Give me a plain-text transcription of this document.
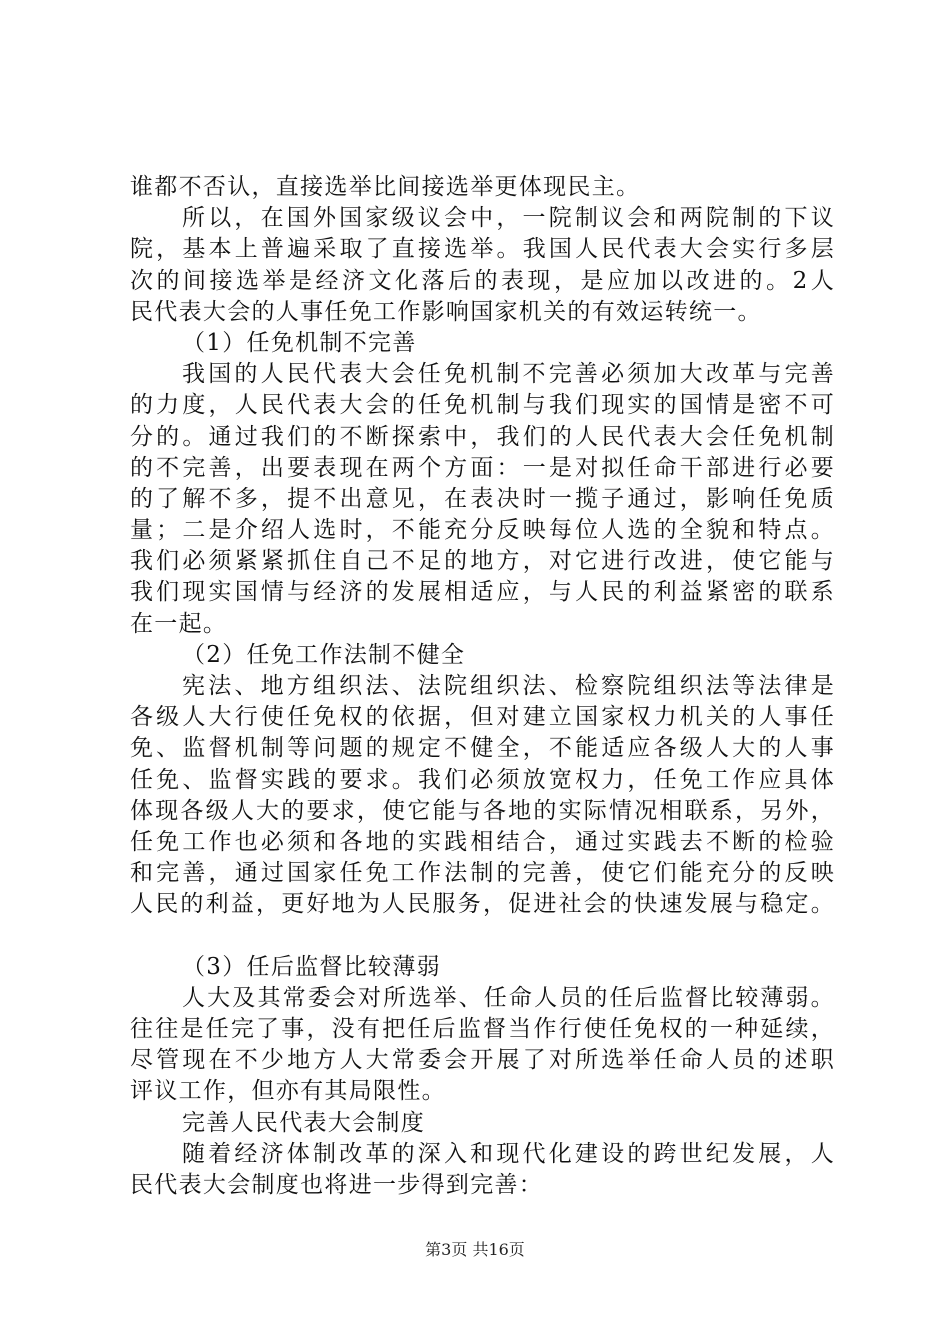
谁都不否认，直接选举比间接选举更体现民主。
所以，在国外国家级议会中，一院制议会和两院制的下议
院，基本上普遍采取了直接选举。我国人民代表大会实行多层
次的间接选举是经济文化落后的表现，是应加以改进的。2人
民代表大会的人事任免工作影响国家机关的有效运转统一。
（1）任免机制不完善
我国的人民代表大会任免机制不完善必须加大改革与完善
的力度，人民代表大会的任免机制与我们现实的国情是密不可
分的。通过我们的不断探索中，我们的人民代表大会任免机制
的不完善，出要表现在两个方面：一是对拟任命干部进行必要
的了解不多，提不出意见，在表决时一揽子通过，影响任免质
量；二是介绍人选时，不能充分反映每位人选的全貌和特点。
我们必须紧紧抓住自己不足的地方，对它进行改进，使它能与
我们现实国情与经济的发展相适应，与人民的利益紧密的联系
在一起。
（2）任免工作法制不健全
宪法、地方组织法、法院组织法、检察院组织法等法律是
各级人大行使任免权的依据，但对建立国家权力机关的人事任
免、监督机制等问题的规定不健全，不能适应各级人大的人事
任免、监督实践的要求。我们必须放宽权力，任免工作应具体
体现各级人大的要求，使它能与各地的实际情况相联系，另外，
任免工作也必须和各地的实践相结合，通过实践去不断的检验
和完善，通过国家任免工作法制的完善，使它们能充分的反映
人民的利益，更好地为人民服务，促进社会的快速发展与稳定。
（3）任后监督比较薄弱
人大及其常委会对所选举、任命人员的任后监督比较薄弱。
往往是任完了事，没有把任后监督当作行使任免权的一种延续，
尽管现在不少地方人大常委会开展了对所选举任命人员的述职
评议工作，但亦有其局限性。
完善人民代表大会制度
随着经济体制改革的深入和现代化建设的跨世纪发展，人
民代表大会制度也将进一步得到完善：
第3页 共16页
